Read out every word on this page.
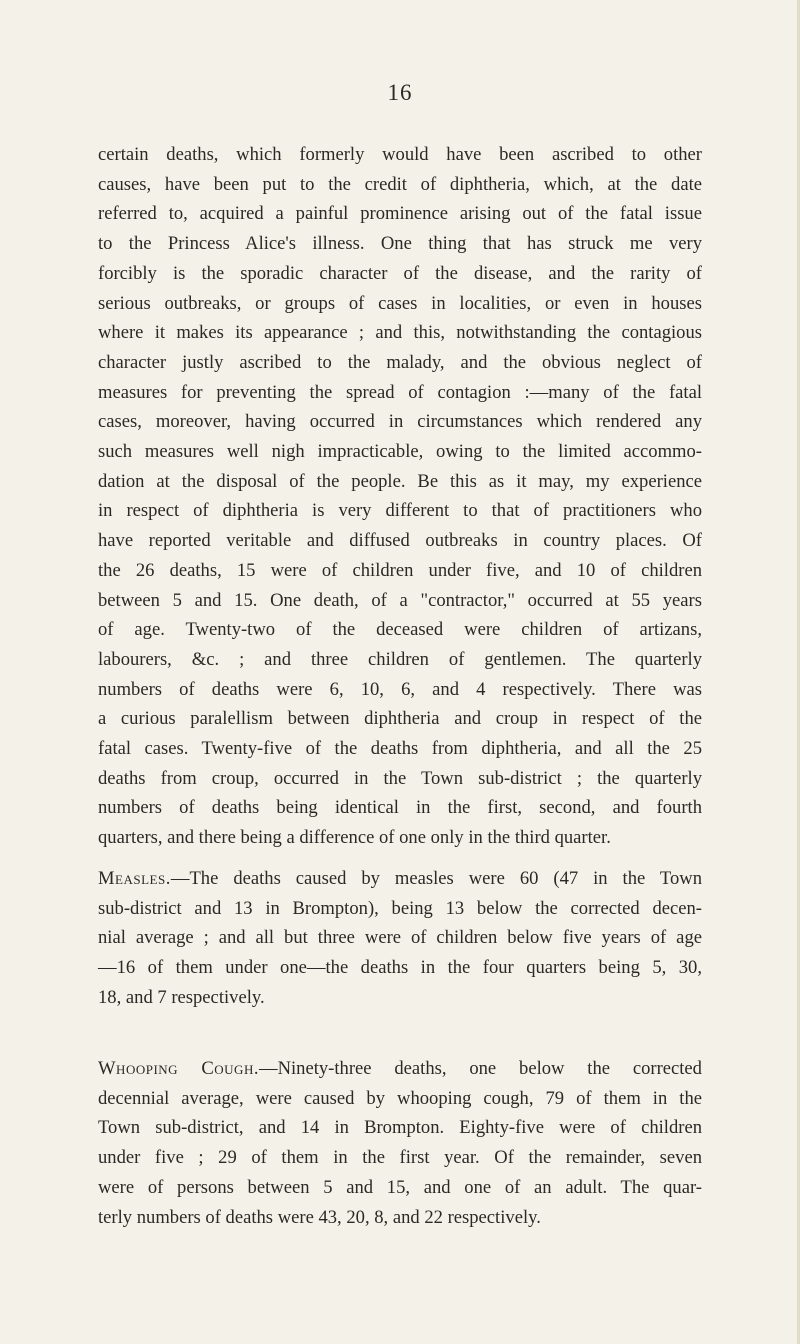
16

certain deaths, which formerly would have been ascribed to other
causes, have been put to the credit of diphtheria, which, at the date
referred to, acquired a painful prominence arising out of the fatal issue
to the Princess Alice's illness. One thing that has struck me very
forcibly is the sporadic character of the disease, and the rarity of
serious outbreaks, or groups of cases in localities, or even in houses
where it makes its appearance ; and this, notwithstanding the contagious
character justly ascribed to the malady, and the obvious neglect of
measures for preventing the spread of contagion :—many of the fatal
cases, moreover, having occurred in circumstances which rendered any
such measures well nigh impracticable, owing to the limited accommo-
dation at the disposal of the people. Be this as it may, my experience
in respect of diphtheria is very different to that of practitioners who
have reported veritable and diffused outbreaks in country places. Of
the 26 deaths, 15 were of children under five, and 10 of children
between 5 and 15. One death, of a "contractor," occurred at 55 years
of age. Twenty-two of the deceased were children of artizans,
labourers, &c. ; and three children of gentlemen. The quarterly
numbers of deaths were 6, 10, 6, and 4 respectively. There was
a curious paralellism between diphtheria and croup in respect of the
fatal cases. Twenty-five of the deaths from diphtheria, and all the 25
deaths from croup, occurred in the Town sub-district ; the quarterly
numbers of deaths being identical in the first, second, and fourth
quarters, and there being a difference of one only in the third quarter.

Measles.—The deaths caused by measles were 60 (47 in the Town
sub-district and 13 in Brompton), being 13 below the corrected decen-
nial average ; and all but three were of children below five years of age
—16 of them under one—the deaths in the four quarters being 5, 30,
18, and 7 respectively.

Whooping Cough.—Ninety-three deaths, one below the corrected
decennial average, were caused by whooping cough, 79 of them in the
Town sub-district, and 14 in Brompton. Eighty-five were of children
under five ; 29 of them in the first year. Of the remainder, seven
were of persons between 5 and 15, and one of an adult. The quar-
terly numbers of deaths were 43, 20, 8, and 22 respectively.
